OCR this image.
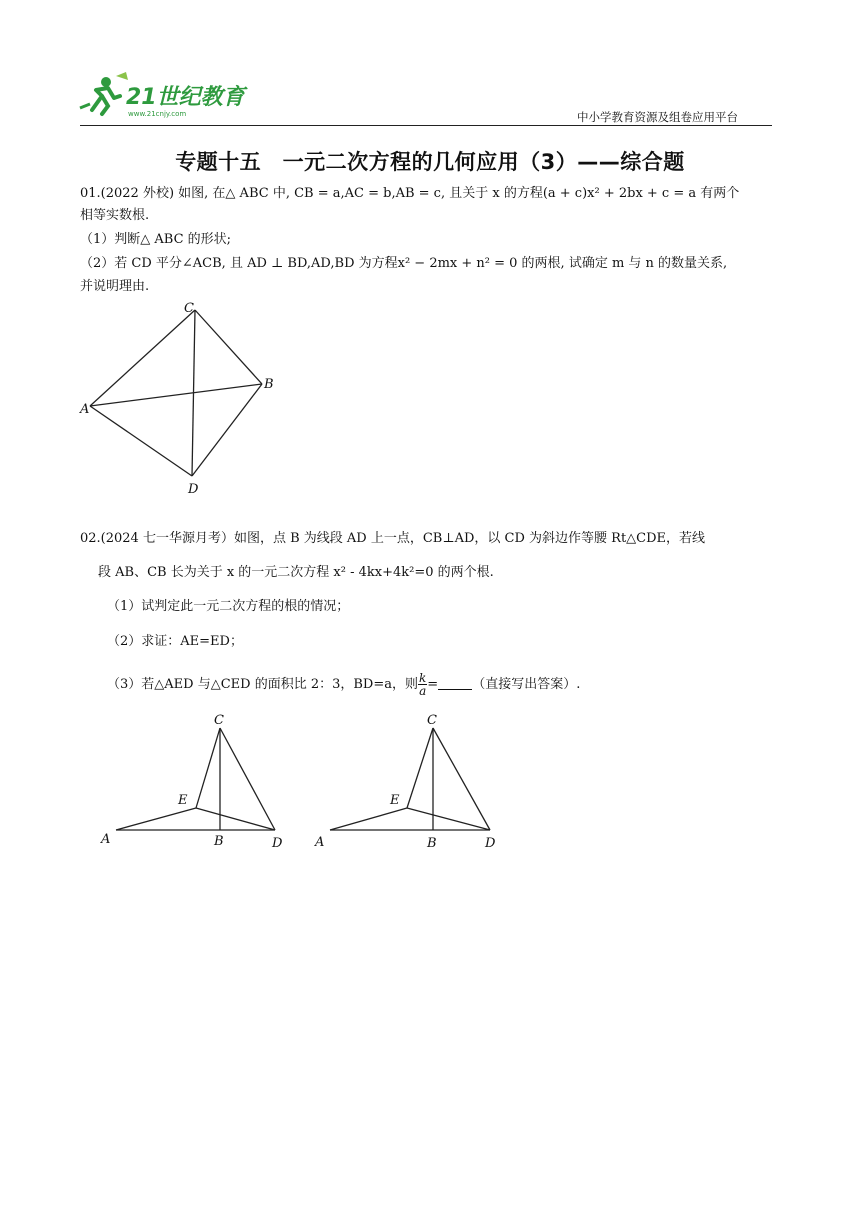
21世纪教育
www.21cnjy.com	中小学教育资源及组卷应用平台
专题十五　一元二次方程的几何应用（3）——综合题
01.(2022 外校) 如图, 在△ ABC 中, CB = a,AC = b,AB = c, 且关于 x 的方程(a + c)x² + 2bx + c = a 有两个
相等实数根.
（1）判断△ ABC 的形状;
（2）若 CD 平分∠ACB, 且 AD ⊥ BD,AD,BD 为方程x² − 2mx + n² = 0 的两根, 试确定 m 与 n 的数量关系,
并说明理由.
C
B
A
D
02.(2024 七一华源月考）如图，点 B 为线段 AD 上一点，CB⊥AD，以 CD 为斜边作等腰 Rt△CDE，若线
段 AB、CB 长为关于 x 的一元二次方程 x² - 4kx+4k²=0 的两个根.
（1）试判定此一元二次方程的根的情况；
（2）求证：AE=ED；
（3）若△AED 与△CED 的面积比 2：3，BD=a，则 $\frac{k}{a}$ =	（直接写出答案）.
C
E
A	B	D
C
E
A	B	D
